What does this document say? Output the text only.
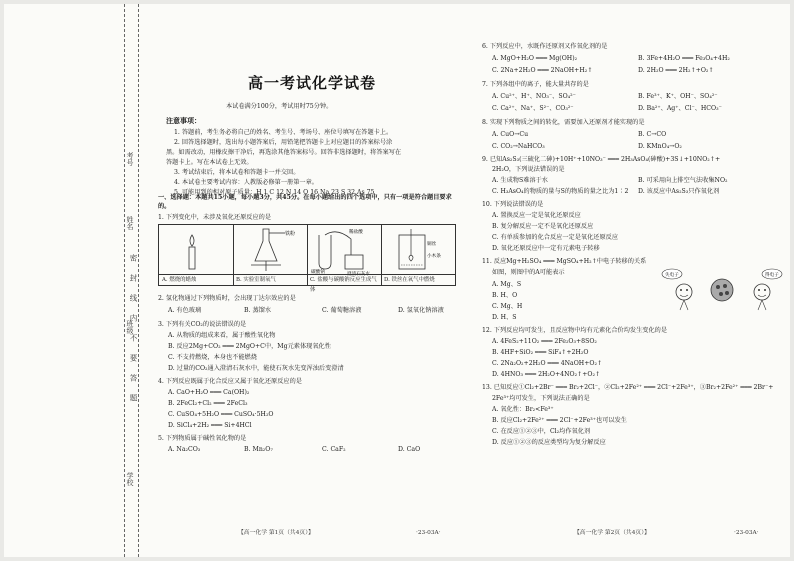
考号
姓名
班级
学校
密
封
线
内
不
要
答
题
高一考试化学试卷
本试卷满分100分，考试用时75分钟。
注意事项：
1. 答题前，考生务必将自己的姓名、考生号、考场号、座位号填写在答题卡上。
2. 回答选择题时，选出每小题答案后，用铅笔把答题卡上对应题目的答案标号涂
黑。如需改动，用橡皮擦干净后，再选涂其他答案标号。回答非选择题时，将答案写在
答题卡上。写在本试卷上无效。
3. 考试结束后，将本试卷和答题卡一并交回。
4. 本试卷主要考试内容：人教版必修第一册第一章。
5. 可能用到的相对原子质量：H 1 C 12 N 14 O 16 Na 23 S 32 As 75
一、选择题：本题共15小题，每小题3分，共45分。在每小题给出的四个选项中，只有一项是符合题目要求的。
1. 下列变化中，未涉及氧化还原反应的是
A. 燃烧的蜡烛
铁粉
B. 实验室制氧气
碳酸钠
稀盐酸
澄清石灰水
C. 盐酸与碳酸钠反应生成气体
铜丝
小木条
D. 铁丝在氧气中燃烧
2. 氢化物通过下列物质时，会出现丁达尔效应的是
A. 有色玻璃	B. 蒸馏水	C. 葡萄糖溶液	D. 氢氧化钠溶液
3. 下列有关CO₂的说法错误的是
A. 从物质的组成来看，属于酸性氧化物
B. 反应2Mg+CO₂ ═══ 2MgO+C中，Mg元素体现氧化性
C. 不支持燃烧，本身也不能燃烧
D. 过量的CO₂通入澄清石灰水中，能使石灰水先变浑浊后变澄清
4. 下列反应既属于化合反应又属于氧化还原反应的是
A. CaO+H₂O ═══ Ca(OH)₂
B. 2FeCl₂+Cl₂ ═══ 2FeCl₃
C. CuSO₄+5H₂O ═══ CuSO₄·5H₂O
D. SiCl₄+2H₂ ═══ Si+4HCl
5. 下列物质属于碱性氧化物的是
A. Na₂CO₃	B. Mn₂O₇	C. CaF₂	D. CaO
【高一化学 第1页（共4页）】	·23-03A·
6. 下列反应中，水既作还原剂又作氧化剂的是
A. MgO+H₂O ═══ Mg(OH)₂	B. 3Fe+4H₂O ═══ Fe₃O₄+4H₂
C. 2Na+2H₂O ═══ 2NaOH+H₂↑	D. 2H₂O ═══ 2H₂↑+O₂↑
7. 下列各组中的离子，能大量共存的是
A. Cu²⁺、H⁺、NO₃⁻、SO₄²⁻	B. Fe³⁺、K⁺、OH⁻、SO₄²⁻
C. Ca²⁺、Na⁺、S²⁻、CO₃²⁻	D. Ba²⁺、Ag⁺、Cl⁻、HCO₃⁻
8. 实现下列物质之间的转化，需要加入还原剂才能实现的是
A. CuO→Cu	B. C→CO
C. CO₂→NaHCO₃	D. KMnO₄→O₂
9. 已知As₂S₃(三硫化二砷)+10H⁺+10NO₃⁻ ═══ 2H₃AsO₄(砷酸)+3S↓+10NO₂↑+
2H₂O，下列说法错误的是
A. 生成物S难溶于水	B. 可采用向上排空气法收集NO₂
C. H₃AsO₄的物质的量与S的物质的量之比为1∶2 D. 该反应中As₂S₃只作氧化剂
10. 下列说法错误的是
A. 置换反应一定是氧化还原反应
B. 复分解反应一定不是氧化还原反应
C. 有单质参加的化合反应一定是氧化还原反应
D. 氧化还原反应中一定有元素电子转移
11. 反应Mg+H₂SO₄ ═══ MgSO₄+H₂↑中电子转移的关系
如图，则图中的A可能表示
A. Mg、S
B. H、O
C. Mg、H
D. H、S
失电子	得电子
12. 下列反应均可发生，且反应物中均有元素化合价均发生变化的是
A. 4FeS₂+11O₂ ═══ 2Fe₂O₃+8SO₂
B. 4HF+SiO₂ ═══ SiF₄↑+2H₂O
C. 2Na₂O₂+2H₂O ═══ 4NaOH+O₂↑
D. 4HNO₃ ═══ 2H₂O+4NO₂↑+O₂↑
13. 已知反应①Cl₂+2Br⁻ ═══ Br₂+2Cl⁻，②Cl₂+2Fe²⁺ ═══ 2Cl⁻+2Fe³⁺，③Br₂+2Fe²⁺ ═══ 2Br⁻+
2Fe³⁺均可发生，下列说法正确的是
A. 氧化性：Br₂<Fe³⁺
B. 反应Cl₂+2Fe²⁺ ═══ 2Cl⁻+2Fe³⁺也可以发生
C. 在反应①②③中，Cl₂均作氧化剂
D. 反应①②③的反应类型均为复分解反应
【高一化学 第2页（共4页）】	·23-03A·
